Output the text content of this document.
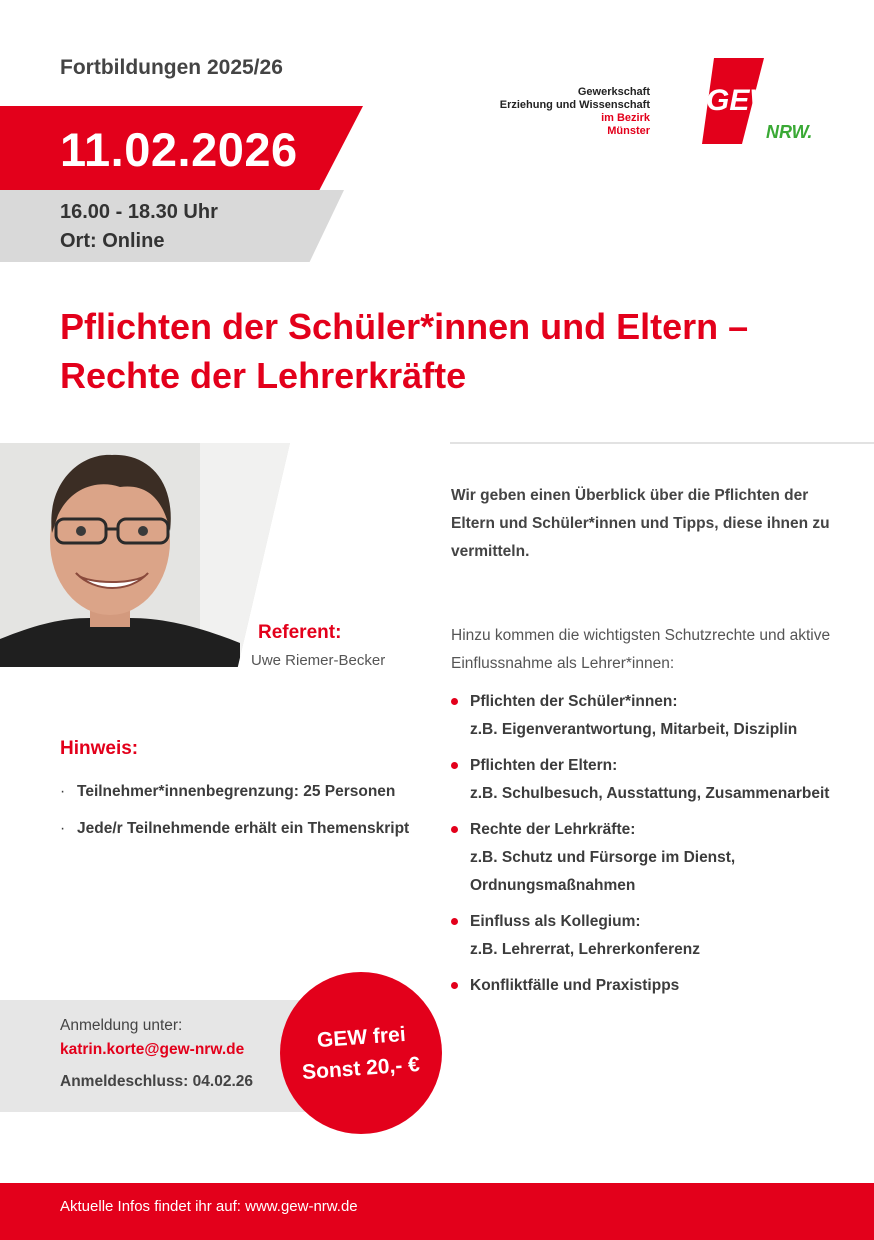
Fortbildungen 2025/26
11.02.2026
16.00 - 18.30 Uhr
Ort: Online
Gewerkschaft
Erziehung und Wissenschaft
im Bezirk
Münster
GEW
NRW.
Pflichten der Schüler*innen und Eltern –
Rechte der Lehrerkräfte
Referent:
Uwe Riemer-Becker
Wir geben einen Überblick über die Pflichten der Eltern und Schüler*innen und Tipps, diese ihnen zu vermitteln.
Hinzu kommen die wichtigsten Schutzrechte und aktive Einflussnahme als Lehrer*innen:
Pflichten der Schüler*innen:
z.B. Eigenverantwortung, Mitarbeit, Disziplin
Pflichten der Eltern:
z.B. Schulbesuch, Ausstattung, Zusammenarbeit
Rechte der Lehrkräfte:
z.B. Schutz und Fürsorge im Dienst, Ordnungsmaßnahmen
Einfluss als Kollegium:
z.B. Lehrerrat, Lehrerkonferenz
Konfliktfälle und Praxistipps
Hinweis:
· Teilnehmer*innenbegrenzung: 25 Personen
· Jede/r Teilnehmende erhält ein Themenskript
Anmeldung unter:
katrin.korte@gew-nrw.de
Anmeldeschluss: 04.02.26
GEW frei
Sonst 20,- €
Aktuelle Infos findet ihr auf: www.gew-nrw.de
